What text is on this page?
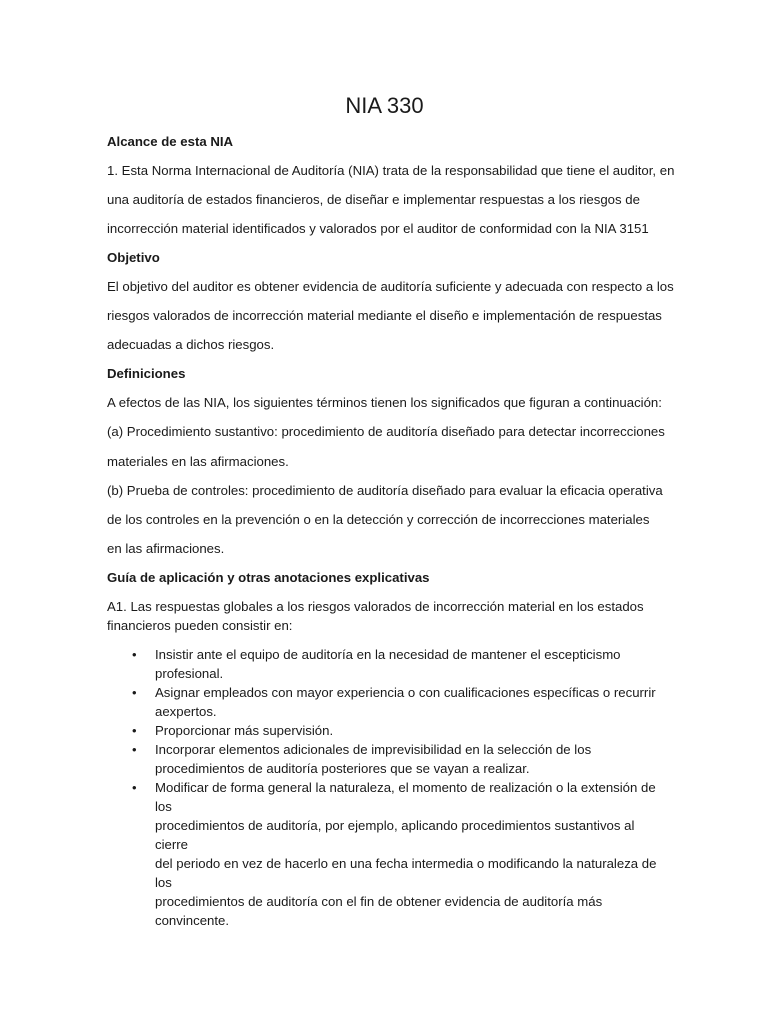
NIA 330

Alcance de esta NIA

1. Esta Norma Internacional de Auditoría (NIA) trata de la responsabilidad que tiene el auditor, en

una auditoría de estados financieros, de diseñar e implementar respuestas a los riesgos de

incorrección material identificados y valorados por el auditor de conformidad con la NIA 3151

Objetivo

El objetivo del auditor es obtener evidencia de auditoría suficiente y adecuada con respecto a los

riesgos valorados de incorrección material mediante el diseño e implementación de respuestas

adecuadas a dichos riesgos.

Definiciones

A efectos de las NIA, los siguientes términos tienen los significados que figuran a continuación:

(a) Procedimiento sustantivo: procedimiento de auditoría diseñado para detectar incorrecciones

materiales en las afirmaciones.

(b) Prueba de controles: procedimiento de auditoría diseñado para evaluar la eficacia operativa

de los controles en la prevención o en la detección y corrección de incorrecciones materiales

en las afirmaciones.

Guía de aplicación y otras anotaciones explicativas

A1. Las respuestas globales a los riesgos valorados de incorrección material en los estados

financieros pueden consistir en:

• Insistir ante el equipo de auditoría en la necesidad de mantener el escepticismo
profesional.
• Asignar empleados con mayor experiencia o con cualificaciones específicas o recurrir
aexpertos.
• Proporcionar más supervisión.
• Incorporar elementos adicionales de imprevisibilidad en la selección de los
procedimientos de auditoría posteriores que se vayan a realizar.
• Modificar de forma general la naturaleza, el momento de realización o la extensión de los
procedimientos de auditoría, por ejemplo, aplicando procedimientos sustantivos al cierre
del periodo en vez de hacerlo en una fecha intermedia o modificando la naturaleza de los
procedimientos de auditoría con el fin de obtener evidencia de auditoría más convincente.
